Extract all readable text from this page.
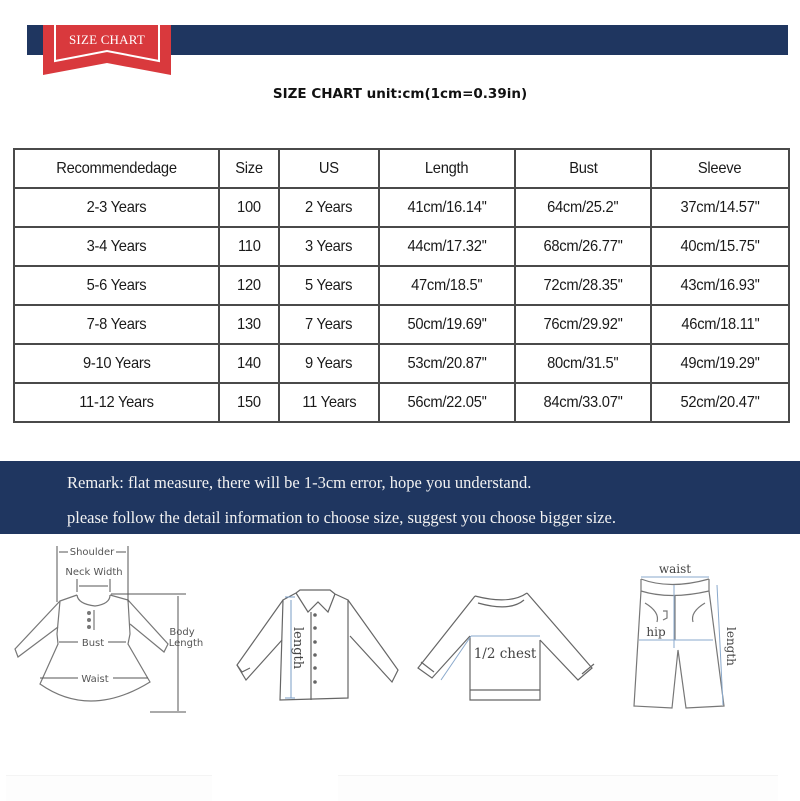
SIZE CHART
SIZE CHART unit:cm(1cm=0.39in)
Recommendedage	Size	US	Length	Bust	Sleeve
2-3 Years	100	2 Years	41cm/16.14''	64cm/25.2''	37cm/14.57''
3-4 Years	110	3 Years	44cm/17.32''	68cm/26.77''	40cm/15.75''
5-6 Years	120	5 Years	47cm/18.5''	72cm/28.35''	43cm/16.93''
7-8 Years	130	7 Years	50cm/19.69''	76cm/29.92''	46cm/18.11''
9-10 Years	140	9 Years	53cm/20.87''	80cm/31.5''	49cm/19.29''
11-12 Years	150	11 Years	56cm/22.05''	84cm/33.07''	52cm/20.47''
Remark: flat measure, there will be 1-3cm error, hope you understand.
please follow the detail information to choose size, suggest you choose bigger size.
Shoulder
Neck Width
Bust
Waist
Body
Length	length	1/2 chest
waist
hip	length
